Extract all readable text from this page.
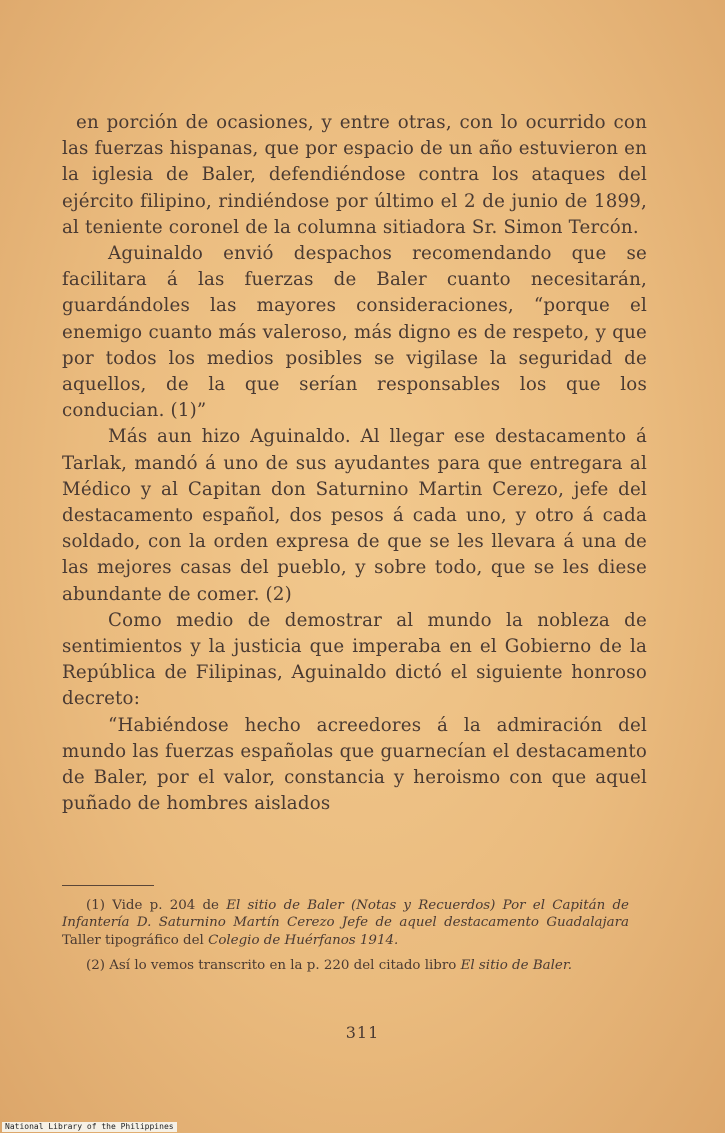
en porción de ocasiones, y entre otras, con lo ocurrido con las fuerzas hispanas, que por espacio de un año estuvieron en la iglesia de Baler, defendiéndose contra los ataques del ejército filipino, rindiéndose por último el 2 de junio de 1899, al teniente coronel de la columna sitiadora Sr. Simon Tercón.

Aguinaldo envió despachos recomendando que se facilitara á las fuerzas de Baler cuanto necesitarán, guardándoles las mayores consideraciones, “porque el enemigo cuanto más valeroso, más digno es de respeto, y que por todos los medios posibles se vigilase la seguridad de aquellos, de la que serían responsables los que los conducian. (1)”

Más aun hizo Aguinaldo. Al llegar ese destacamento á Tarlak, mandó á uno de sus ayudantes para que entregara al Médico y al Capitan don Saturnino Martin Cerezo, jefe del destacamento español, dos pesos á cada uno, y otro á cada soldado, con la orden expresa de que se les llevara á una de las mejores casas del pueblo, y sobre todo, que se les diese abundante de comer. (2)

Como medio de demostrar al mundo la nobleza de sentimientos y la justicia que imperaba en el Gobierno de la República de Filipinas, Aguinaldo dictó el siguiente honroso decreto:

“Habiéndose hecho acreedores á la admiración del mundo las fuerzas españolas que guarnecían el destacamento de Baler, por el valor, constancia y heroismo con que aquel puñado de hombres aislados

(1) Vide p. 204 de El sitio de Baler (Notas y Recuerdos) Por el Capitán de Infantería D. Saturnino Martín Cerezo Jefe de aquel destacamento Guadalajara Taller tipográfico del Colegio de Huérfanos 1914.

(2) Así lo vemos transcrito en la p. 220 del citado libro El sitio de Baler.

311
National Library of the Philippines
